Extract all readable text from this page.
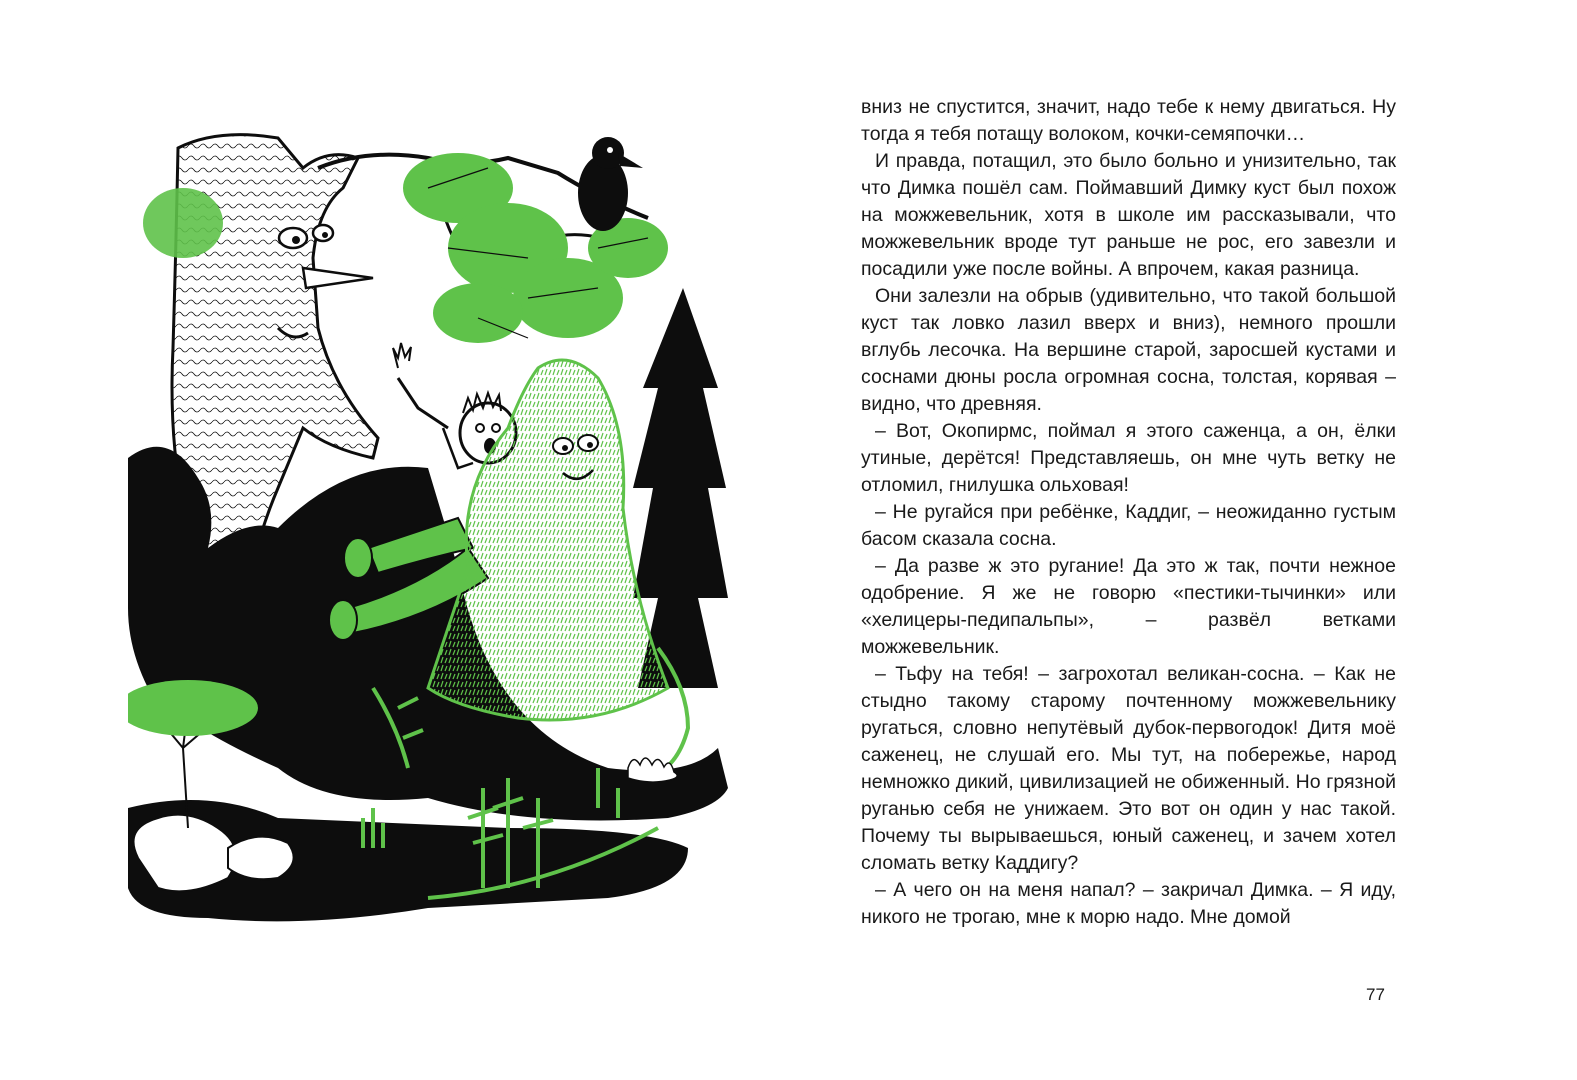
вниз не спустится, значит, надо тебе к нему двигаться. Ну тогда я тебя потащу волоком, кочки-семяпочки…

И правда, потащил, это было больно и унизительно, так что Димка пошёл сам. Поймавший Димку куст был похож на можжевельник, хотя в школе им рассказывали, что можжевельник вроде тут раньше не рос, его завезли и посадили уже после войны. А впрочем, какая разница.

Они залезли на обрыв (удивительно, что такой большой куст так ловко лазил вверх и вниз), немного прошли вглубь лесочка. На вершине старой, заросшей кустами и соснами дюны росла огромная сосна, толстая, корявая – видно, что древняя.

– Вот, Окопирмс, поймал я этого саженца, а он, ёлки утиные, дерётся! Представляешь, он мне чуть ветку не отломил, гнилушка ольховая!

– Не ругайся при ребёнке, Каддиг, – неожиданно густым басом сказала сосна.

– Да разве ж это ругание! Да это ж так, почти нежное одобрение. Я же не говорю «пестики-тычинки» или «хелицеры-педипальпы», – развёл ветками можжевельник.

– Тьфу на тебя! – загрохотал великан-сосна. – Как не стыдно такому старому почтенному можжевельнику ругаться, словно непутёвый дубок-первогодок! Дитя моё саженец, не слушай его. Мы тут, на побережье, народ немножко дикий, цивилизацией не обиженный. Но грязной руганью себя не унижаем. Это вот он один у нас такой. Почему ты вырываешься, юный саженец, и зачем хотел сломать ветку Каддигу?

– А чего он на меня напал? – закричал Димка. – Я иду, никого не трогаю, мне к морю надо. Мне домой

77
